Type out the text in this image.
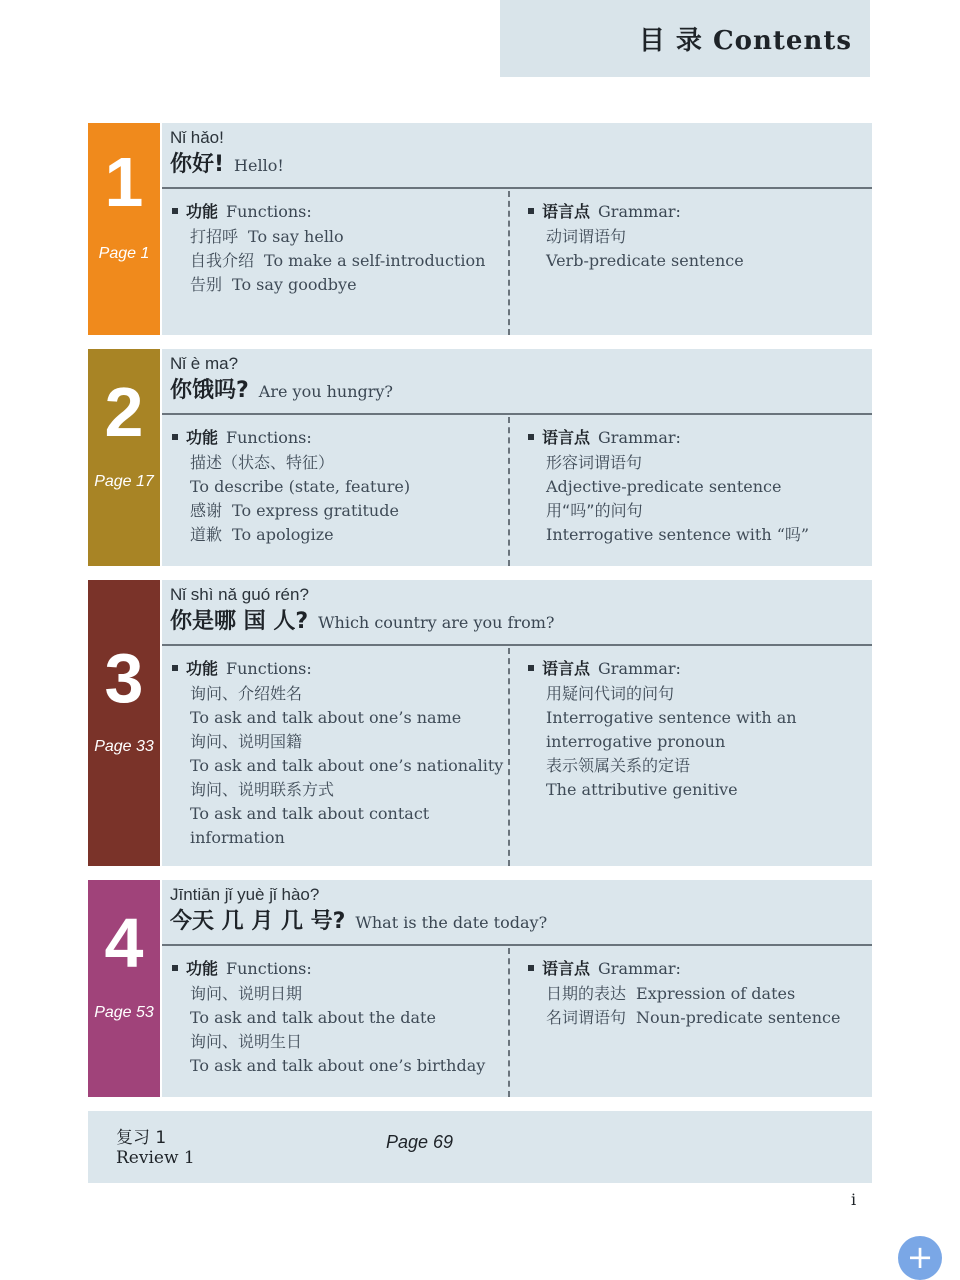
目 录 Contents
1
Page 1
Nǐ hǎo!
你好! Hello!
功能 Functions:
打招呼 To say hello
自我介绍 To make a self-introduction
告别 To say goodbye
语言点 Grammar:
动词谓语句
Verb-predicate sentence
2
Page 17
Nǐ è ma?
你饿吗? Are you hungry?
功能 Functions:
描述（状态、特征）
To describe (state, feature)
感谢 To express gratitude
道歉 To apologize
语言点 Grammar:
形容词谓语句
Adjective-predicate sentence
用“吗”的问句
Interrogative sentence with “吗”
3
Page 33
Nǐ shì nǎ guó rén?
你是哪 国 人? Which country are you from?
功能 Functions:
询问、介绍姓名
To ask and talk about one’s name
询问、说明国籍
To ask and talk about one’s nationality
询问、说明联系方式
To ask and talk about contact
information
语言点 Grammar:
用疑问代词的问句
Interrogative sentence with an
interrogative pronoun
表示领属关系的定语
The attributive genitive
4
Page 53
Jīntiān jǐ yuè jǐ hào?
今天 几 月 几 号? What is the date today?
功能 Functions:
询问、说明日期
To ask and talk about the date
询问、说明生日
To ask and talk about one’s birthday
语言点 Grammar:
日期的表达 Expression of dates
名词谓语句 Noun-predicate sentence
复习 1
Review 1
Page 69
i
+
